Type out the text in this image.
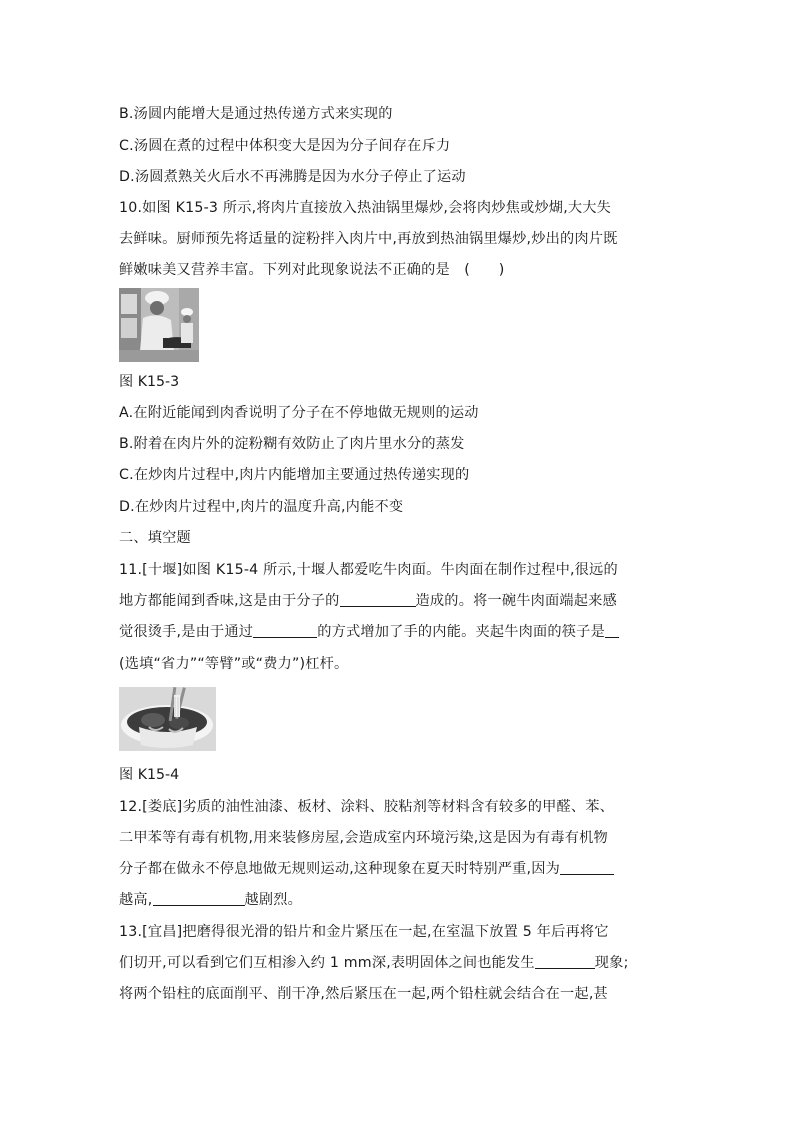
B.汤圆内能增大是通过热传递方式来实现的

C.汤圆在煮的过程中体积变大是因为分子间存在斥力

D.汤圆煮熟关火后水不再沸腾是因为水分子停止了运动

10.如图 K15-3 所示,将肉片直接放入热油锅里爆炒,会将肉炒焦或炒煳,大大失

去鲜味。厨师预先将适量的淀粉拌入肉片中,再放到热油锅里爆炒,炒出的肉片既

鲜嫩味美又营养丰富。下列对此现象说法不正确的是　(　　)

图 K15-3

A.在附近能闻到肉香说明了分子在不停地做无规则的运动

B.附着在肉片外的淀粉糊有效防止了肉片里水分的蒸发

C.在炒肉片过程中,肉片内能增加主要通过热传递实现的

D.在炒肉片过程中,肉片的温度升高,内能不变

二、填空题

11.[十堰]如图 K15-4 所示,十堰人都爱吃牛肉面。牛肉面在制作过程中,很远的

地方都能闻到香味,这是由于分子的	造成的。将一碗牛肉面端起来感

觉很烫手,是由于通过	的方式增加了手的内能。夹起牛肉面的筷子是

(选填“省力”“等臂”或“费力”)杠杆。

图 K15-4

12.[娄底]劣质的油性油漆、板材、涂料、胶粘剂等材料含有较多的甲醛、苯、

二甲苯等有毒有机物,用来装修房屋,会造成室内环境污染,这是因为有毒有机物

分子都在做永不停息地做无规则运动,这种现象在夏天时特别严重,因为

越高,	越剧烈。

13.[宜昌]把磨得很光滑的铅片和金片紧压在一起,在室温下放置 5 年后再将它

们切开,可以看到它们互相渗入约 1 mm深,表明固体之间也能发生	现象;

将两个铅柱的底面削平、削干净,然后紧压在一起,两个铅柱就会结合在一起,甚
